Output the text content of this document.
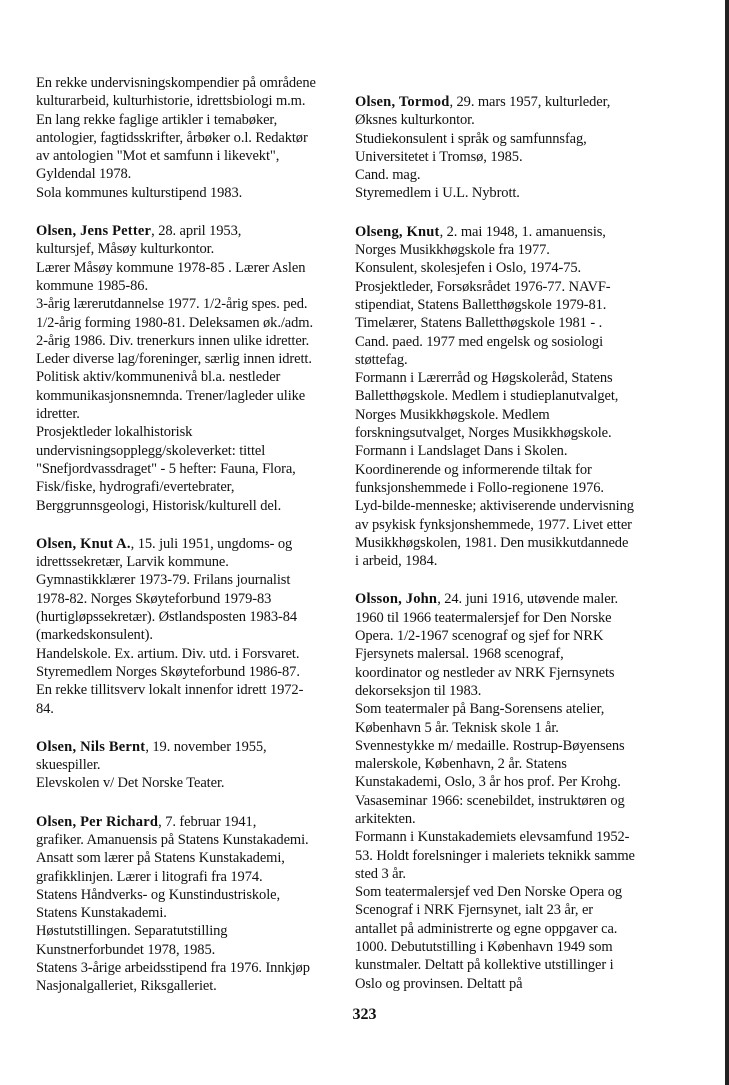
En rekke undervisningskompendier på områdene
kulturarbeid, kulturhistorie, idrettsbiologi m.m.
En lang rekke faglige artikler i temabøker,
antologier, fagtidsskrifter, årbøker o.l. Redaktør
av antologien "Mot et samfunn i likevekt",
Gyldendal 1978.
Sola kommunes kulturstipend 1983.

Olsen, Jens Petter, 28. april 1953,
kultursjef, Måsøy kulturkontor.
Lærer Måsøy kommune 1978-85 . Lærer Aslen
kommune 1985-86.
3-årig lærerutdannelse 1977. 1/2-årig spes. ped.
1/2-årig forming 1980-81. Deleksamen øk./adm.
2-årig 1986. Div. trenerkurs innen ulike idretter.
Leder diverse lag/foreninger, særlig innen idrett.
Politisk aktiv/kommunenivå bl.a. nestleder
kommunikasjonsnemnda. Trener/lagleder ulike
idretter.
Prosjektleder lokalhistorisk
undervisningsopplegg/skoleverket: tittel
"Snefjordvassdraget" - 5 hefter: Fauna, Flora,
Fisk/fiske, hydrografi/evertebrater,
Berggrunnsgeologi, Historisk/kulturell del.

Olsen, Knut A., 15. juli 1951, ungdoms- og
idrettssekretær, Larvik kommune.
Gymnastikklærer 1973-79. Frilans journalist
1978-82. Norges Skøyteforbund 1979-83
(hurtigløpssekretær). Østlandsposten 1983-84
(markedskonsulent).
Handelskole. Ex. artium. Div. utd. i Forsvaret.
Styremedlem Norges Skøyteforbund 1986-87.
En rekke tillitsverv lokalt innenfor idrett 1972-
84.

Olsen, Nils Bernt, 19. november 1955,
skuespiller.
Elevskolen v/ Det Norske Teater.

Olsen, Per Richard, 7. februar 1941,
grafiker. Amanuensis på Statens Kunstakademi.
Ansatt som lærer på Statens Kunstakademi,
grafikklinjen. Lærer i litografi fra 1974.
Statens Håndverks- og Kunstindustriskole,
Statens Kunstakademi.
Høstutstillingen. Separatutstilling
Kunstnerforbundet 1978, 1985.
Statens 3-årige arbeidsstipend fra 1976. Innkjøp
Nasjonalgalleriet, Riksgalleriet.

Olsen, Tormod, 29. mars 1957, kulturleder,
Øksnes kulturkontor.
Studiekonsulent i språk og samfunnsfag,
Universitetet i Tromsø, 1985.
Cand. mag.
Styremedlem i U.L. Nybrott.

Olseng, Knut, 2. mai 1948, 1. amanuensis,
Norges Musikkhøgskole fra 1977.
Konsulent, skolesjefen i Oslo, 1974-75.
Prosjektleder, Forsøksrådet 1976-77. NAVF-
stipendiat, Statens Balletthøgskole 1979-81.
Timelærer, Statens Balletthøgskole 1981 - .
Cand. paed. 1977 med engelsk og sosiologi
støttefag.
Formann i Lærerråd og Høgskoleråd, Statens
Balletthøgskole. Medlem i studieplanutvalget,
Norges Musikkhøgskole. Medlem
forskningsutvalget, Norges Musikkhøgskole.
Formann i Landslaget Dans i Skolen.
Koordinerende og informerende tiltak for
funksjonshemmede i Follo-regionene 1976.
Lyd-bilde-menneske; aktiviserende undervisning
av psykisk fynksjonshemmede, 1977. Livet etter
Musikkhøgskolen, 1981. Den musikkutdannede
i arbeid, 1984.

Olsson, John, 24. juni 1916, utøvende maler.
1960 til 1966 teatermalersjef for Den Norske
Opera. 1/2-1967 scenograf og sjef for NRK
Fjersynets malersal. 1968 scenograf,
koordinator og nestleder av NRK Fjernsynets
dekorseksjon til 1983.
Som teatermaler på Bang-Sorensens atelier,
København 5 år. Teknisk skole 1 år.
Svennestykke m/ medaille. Rostrup-Bøyensens
malerskole, København, 2 år. Statens
Kunstakademi, Oslo, 3 år hos prof. Per Krohg.
Vasaseminar 1966: scenebildet, instruktøren og
arkitekten.
Formann i Kunstakademiets elevsamfund 1952-
53. Holdt forelsninger i maleriets teknikk samme
sted 3 år.
Som teatermalersjef ved Den Norske Opera og
Scenograf i NRK Fjernsynet, ialt 23 år, er
antallet på administrerte og egne oppgaver ca.
1000. Debututstilling i København 1949 som
kunstmaler. Deltatt på kollektive utstillinger i
Oslo og provinsen. Deltatt på

323
